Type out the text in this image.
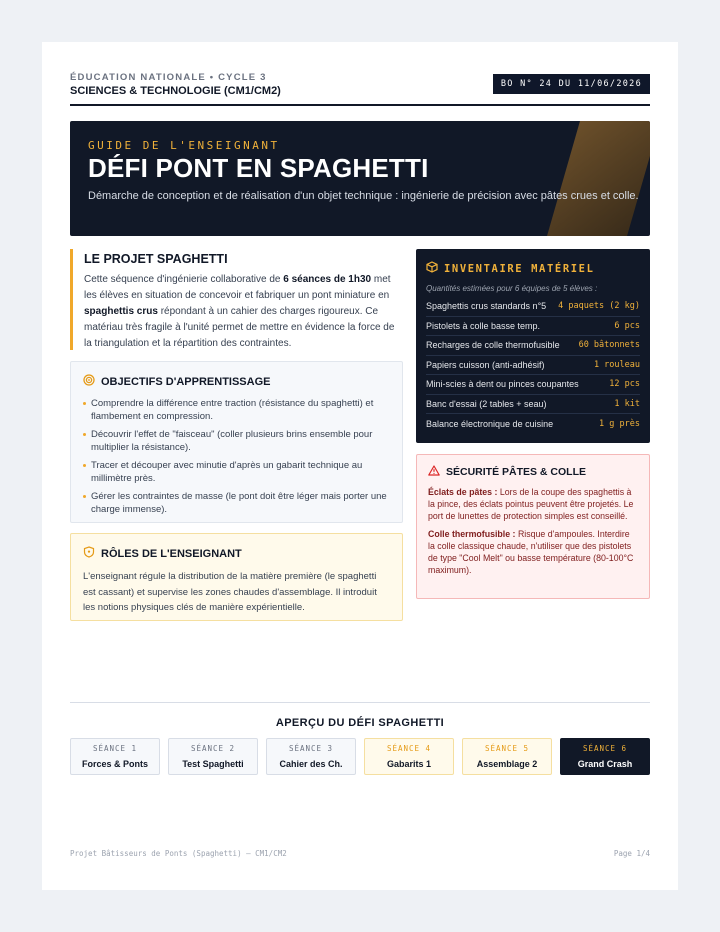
ÉDUCATION NATIONALE • CYCLE 3
SCIENCES & TECHNOLOGIE (CM1/CM2)
BO N° 24 DU 11/06/2026
GUIDE DE L'ENSEIGNANT
DÉFI PONT EN SPAGHETTI
Démarche de conception et de réalisation d'un objet technique : ingénierie de précision avec pâtes crues et colle.
LE PROJET SPAGHETTI
Cette séquence d'ingénierie collaborative de 6 séances de 1h30 met les élèves en situation de concevoir et fabriquer un pont miniature en spaghettis crus répondant à un cahier des charges rigoureux. Ce matériau très fragile à l'unité permet de mettre en évidence la force de la triangulation et la répartition des contraintes.
OBJECTIFS D'APPRENTISSAGE
Comprendre la différence entre traction (résistance du spaghetti) et flambement en compression.
Découvrir l'effet de "faisceau" (coller plusieurs brins ensemble pour multiplier la résistance).
Tracer et découper avec minutie d'après un gabarit technique au millimètre près.
Gérer les contraintes de masse (le pont doit être léger mais porter une charge immense).
RÔLES DE L'ENSEIGNANT
L'enseignant régule la distribution de la matière première (le spaghetti est cassant) et supervise les zones chaudes d'assemblage. Il introduit les notions physiques clés de manière expérientielle.
INVENTAIRE MATÉRIEL
Quantités estimées pour 6 équipes de 5 élèves :
Spaghettis crus standards n°5 4 paquets (2 kg)
Pistolets à colle basse temp.	6 pcs
Recharges de colle thermofusible 60 bâtonnets
Papiers cuisson (anti-adhésif)	1 rouleau
Mini-scies à dent ou pinces coupantes	12 pcs
Banc d'essai (2 tables + seau)	1 kit
Balance électronique de cuisine	1 g près
SÉCURITÉ PÂTES & COLLE

Éclats de pâtes : Lors de la coupe des spaghettis à la pince, des éclats pointus peuvent être projetés. Le port de lunettes de protection simples est conseillé.

Colle thermofusible : Risque d'ampoules. Interdire la colle classique chaude, n'utiliser que des pistolets de type "Cool Melt" ou basse température (80-100°C maximum).

APERÇU DU DÉFI SPAGHETTI
SÉANCE 1
Forces & Ponts
SÉANCE 2
Test Spaghetti
SÉANCE 3
Cahier des Ch.
SÉANCE 4
Gabarits 1
SÉANCE 5
Assemblage 2
SÉANCE 6
Grand Crash
Projet Bâtisseurs de Ponts (Spaghetti) — CM1/CM2	Page 1/4
